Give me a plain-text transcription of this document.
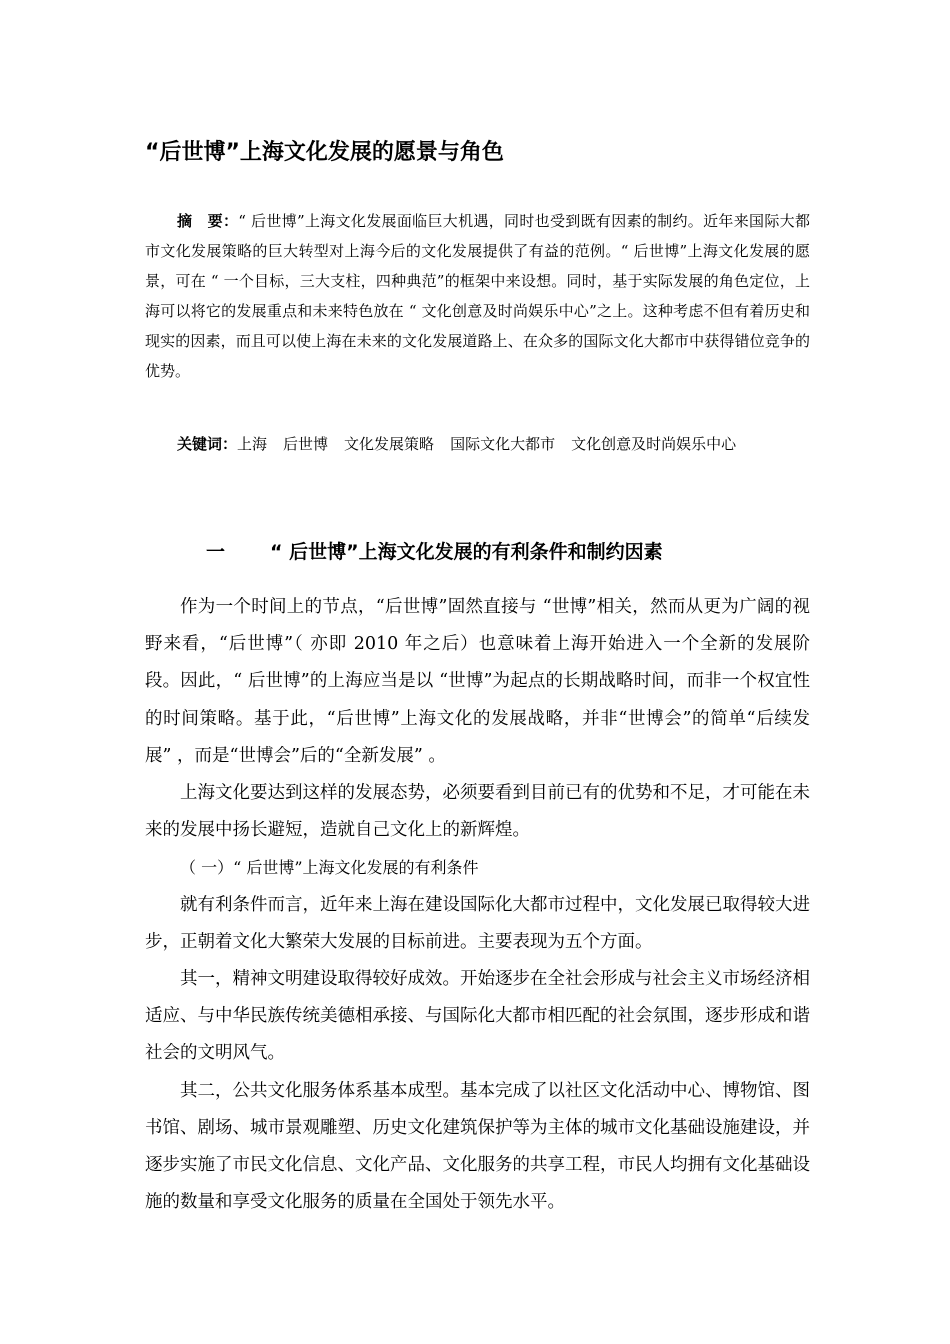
“后世博”上海文化发展的愿景与角色
摘　要：“ 后世博”上海文化发展面临巨大机遇，同时也受到既有因素的制约。近年来国际大都市文化发展策略的巨大转型对上海今后的文化发展提供了有益的范例。“ 后世博”上海文化发展的愿景，可在 “ 一个目标，三大支柱，四种典范”的框架中来设想。同时，基于实际发展的角色定位，上海可以将它的发展重点和未来特色放在 “ 文化创意及时尚娱乐中心”之上。这种考虑不但有着历史和现实的因素，而且可以使上海在未来的文化发展道路上、在众多的国际文化大都市中获得错位竞争的优势。
关键词：上海 后世博 文化发展策略 国际文化大都市 文化创意及时尚娱乐中心
一 “ 后世博”上海文化发展的有利条件和制约因素

作为一个时间上的节点，“后世博”固然直接与 “世博”相关，然而从更为广阔的视野来看，“后世博”（ 亦即 2010 年之后）也意味着上海开始进入一个全新的发展阶段。因此，“ 后世博”的上海应当是以 “世博”为起点的长期战略时间，而非一个权宜性的时间策略。基于此，“后世博”上海文化的发展战略，并非“世博会”的简单“后续发展” ，而是“世博会”后的“全新发展” 。

上海文化要达到这样的发展态势，必须要看到目前已有的优势和不足，才可能在未来的发展中扬长避短，造就自己文化上的新辉煌。

（ 一）“ 后世博”上海文化发展的有利条件

就有利条件而言，近年来上海在建设国际化大都市过程中，文化发展已取得较大进步，正朝着文化大繁荣大发展的目标前进。主要表现为五个方面。

其一，精神文明建设取得较好成效。开始逐步在全社会形成与社会主义市场经济相适应、与中华民族传统美德相承接、与国际化大都市相匹配的社会氛围，逐步形成和谐社会的文明风气。

其二，公共文化服务体系基本成型。基本完成了以社区文化活动中心、博物馆、图书馆、剧场、城市景观雕塑、历史文化建筑保护等为主体的城市文化基础设施建设，并逐步实施了市民文化信息、文化产品、文化服务的共享工程，市民人均拥有文化基础设施的数量和享受文化服务的质量在全国处于领先水平。
